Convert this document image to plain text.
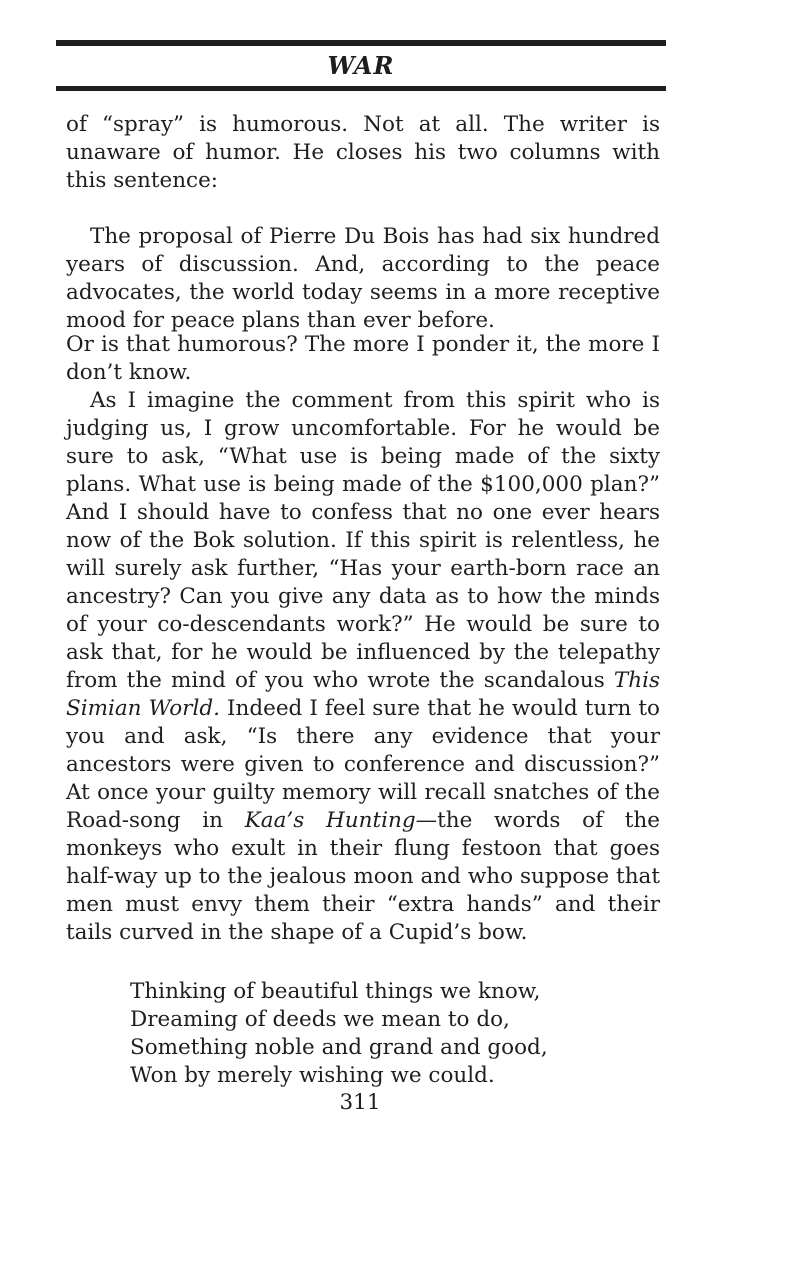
WAR

of “spray” is humorous. Not at all. The writer is unaware of humor. He closes his two columns with this sentence:

The proposal of Pierre Du Bois has had six hundred years of discussion. And, according to the peace advocates, the world today seems in a more receptive mood for peace plans than ever before.

Or is that humorous? The more I ponder it, the more I don’t know.

As I imagine the comment from this spirit who is judging us, I grow uncomfortable. For he would be sure to ask, “What use is being made of the sixty plans. What use is being made of the $100,000 plan?” And I should have to confess that no one ever hears now of the Bok solution. If this spirit is relentless, he will surely ask further, “Has your earth-born race an ancestry? Can you give any data as to how the minds of your co-descendants work?” He would be sure to ask that, for he would be influenced by the telepathy from the mind of you who wrote the scandalous This Simian World. Indeed I feel sure that he would turn to you and ask, “Is there any evidence that your ancestors were given to conference and discussion?” At once your guilty memory will recall snatches of the Road-song in Kaa’s Hunting—the words of the monkeys who exult in their flung festoon that goes half-way up to the jealous moon and who suppose that men must envy them their “extra hands” and their tails curved in the shape of a Cupid’s bow.

Thinking of beautiful things we know,
Dreaming of deeds we mean to do,
Something noble and grand and good,
Won by merely wishing we could.
311
